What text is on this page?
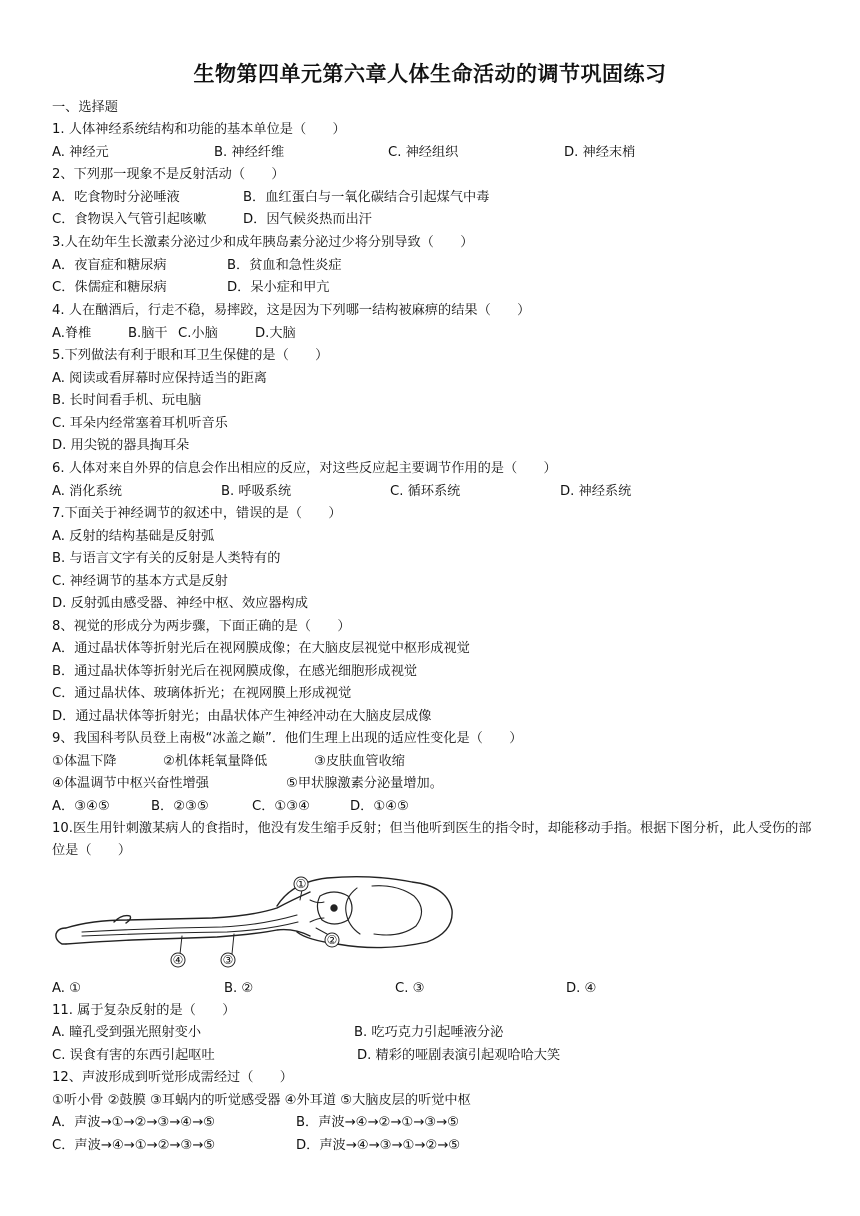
生物第四单元第六章人体生命活动的调节巩固练习
一、选择题
1. 人体神经系统结构和功能的基本单位是（　　）
A. 神经元	B. 神经纤维	C. 神经组织	D. 神经末梢
2、下列那一现象不是反射活动（　　）
A．吃食物时分泌唾液	B．血红蛋白与一氧化碳结合引起煤气中毒
C．食物误入气管引起咳嗽	D．因气候炎热而出汗
3.人在幼年生长激素分泌过少和成年胰岛素分泌过少将分别导致（　　）
A．夜盲症和糖尿病	B．贫血和急性炎症
C．侏儒症和糖尿病	D．呆小症和甲亢
4. 人在酗酒后，行走不稳，易摔跤，这是因为下列哪一结构被麻痹的结果（　　）
A.脊椎	B.脑干 C.小脑	D.大脑
5.下列做法有利于眼和耳卫生保健的是（　　）
A. 阅读或看屏幕时应保持适当的距离
B. 长时间看手机、玩电脑
C. 耳朵内经常塞着耳机听音乐
D. 用尖锐的器具掏耳朵
6. 人体对来自外界的信息会作出相应的反应，对这些反应起主要调节作用的是（　　）
A. 消化系统	B. 呼吸系统	C. 循环系统	D. 神经系统
7.下面关于神经调节的叙述中，错误的是（　　）
A. 反射的结构基础是反射弧
B. 与语言文字有关的反射是人类特有的
C. 神经调节的基本方式是反射
D. 反射弧由感受器、神经中枢、效应器构成
8、视觉的形成分为两步骤，下面正确的是（　　）
A．通过晶状体等折射光后在视网膜成像；在大脑皮层视觉中枢形成视觉
B．通过晶状体等折射光后在视网膜成像，在感光细胞形成视觉
C．通过晶状体、玻璃体折光；在视网膜上形成视觉
D．通过晶状体等折射光；由晶状体产生神经冲动在大脑皮层成像
9、我国科考队员登上南极“冰盖之巅”．他们生理上出现的适应性变化是（　　）
①体温下降	②机体耗氧量降低	③皮肤血管收缩
④体温调节中枢兴奋性增强	⑤甲状腺激素分泌量增加。
A．③④⑤	B．②③⑤	C．①③④	D．①④⑤
10.医生用针刺激某病人的食指时，他没有发生缩手反射；但当他听到医生的指令时，却能移动手指。根据下图分析，此人受伤的部位是（　　）
①
②
③
④
A. ①	B. ②	C. ③	D. ④
11. 属于复杂反射的是（　　）
A. 瞳孔受到强光照射变小	B. 吃巧克力引起唾液分泌
C. 误食有害的东西引起呕吐	D. 精彩的哑剧表演引起观哈哈大笑
12、声波形成到听觉形成需经过（　　）
①听小骨 ②鼓膜 ③耳蜗内的听觉感受器 ④外耳道 ⑤大脑皮层的听觉中枢
A．声波→①→②→③→④→⑤	B．声波→④→②→①→③→⑤
C．声波→④→①→②→③→⑤	D．声波→④→③→①→②→⑤
